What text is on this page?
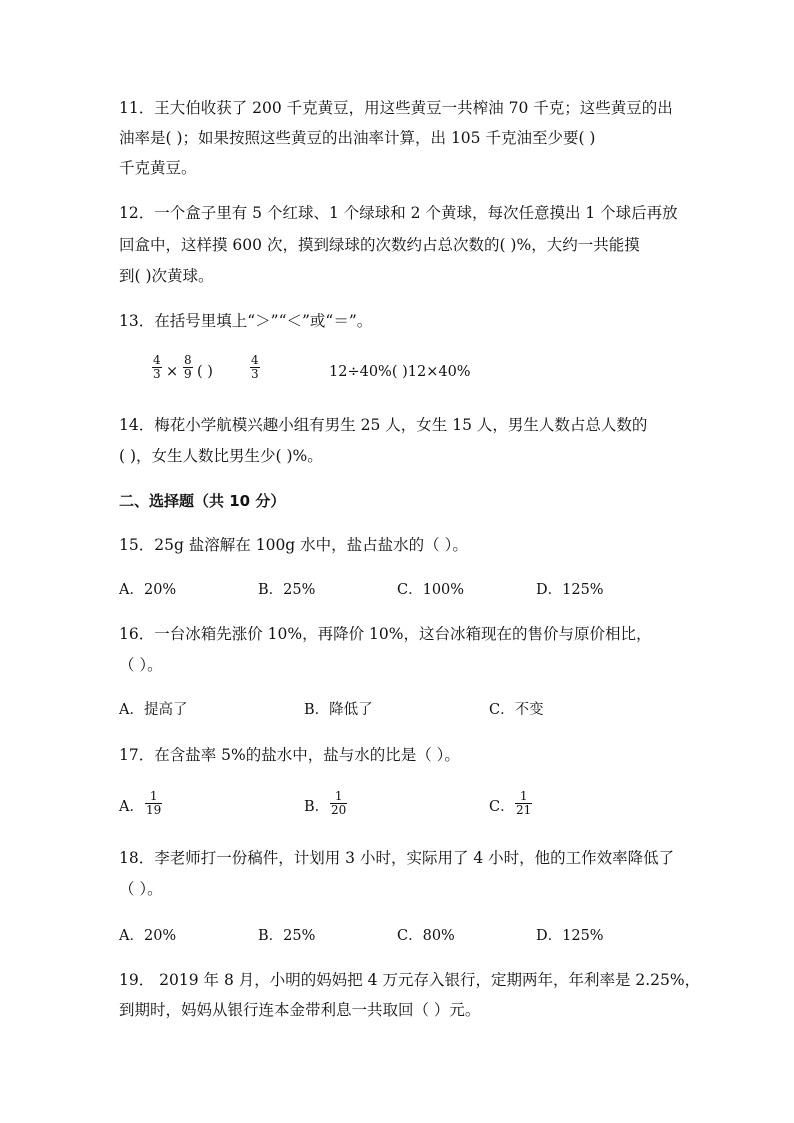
11．王大伯收获了 200 千克黄豆，用这些黄豆一共榨油 70 千克；这些黄豆的出
油率是( )；如果按照这些黄豆的出油率计算，出 105 千克油至少要( )
千克黄豆。
12．一个盒子里有 5 个红球、1 个绿球和 2 个黄球，每次任意摸出 1 个球后再放
回盒中，这样摸 600 次，摸到绿球的次数约占总次数的( )%，大约一共能摸
到( )次黄球。
13．在括号里填上“＞”“＜”或“＝”。
4
3 ×
8
9 ( )
4
3	12÷40%( )12×40%
14．梅花小学航模兴趣小组有男生 25 人，女生 15 人，男生人数占总人数的
( )，女生人数比男生少( )%。
二、选择题（共 10 分）
15．25g 盐溶解在 100g 水中，盐占盐水的（ ）。
A．20%	B．25%	C．100%	D．125%
16．一台冰箱先涨价 10%，再降价 10%，这台冰箱现在的售价与原价相比，
（ ）。
A．提高了	B．降低了	C．不变
17．在含盐率 5%的盐水中，盐与水的比是（ ）。
A．
1
19	B．
1
20	C．
1
21
18．李老师打一份稿件，计划用 3 小时，实际用了 4 小时，他的工作效率降低了
（ ）。
A．20%	B．25%	C．80%	D．125%
19． 2019 年 8 月，小明的妈妈把 4 万元存入银行，定期两年，年利率是 2.25%，
到期时，妈妈从银行连本金带利息一共取回（ ）元。
